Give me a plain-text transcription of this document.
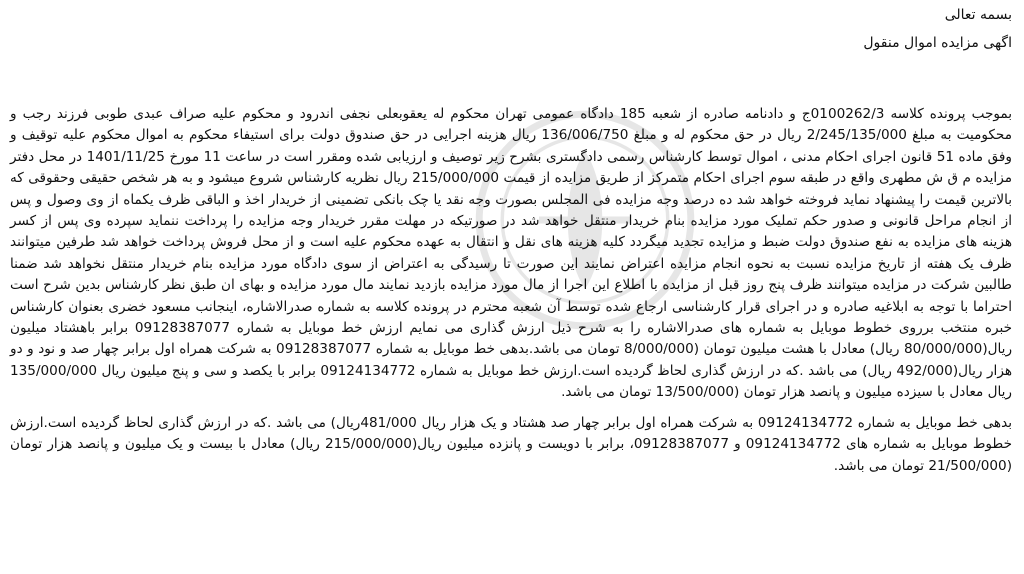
بسمه تعالی
اگهی مزایده اموال منقول

بموجب پرونده کلاسه 0100262/3ج و دادنامه صادره از شعبه 185 دادگاه عمومی تهران محکوم له یعقوبعلی نجفی اندرود و محکوم علیه صراف عبدی طوبی فرزند رجب و محکومیت به مبلغ 2/245/135/000 ریال در حق محکوم له و مبلغ 136/006/750 ریال هزینه اجرایی در حق صندوق دولت برای استیفاء محکوم به اموال محکوم علیه توقیف و وفق ماده 51 قانون اجرای احکام مدنی ، اموال توسط کارشناس رسمی دادگستری بشرح زیر توصیف و ارزیابی شده ومقرر است در ساعت 11 مورخ 1401/11/25 در محل دفتر مزایده م ق ش مطهری واقع در طبقه سوم اجرای احکام متمرکز از طریق مزایده از قیمت 215/000/000 ریال نظریه کارشناس شروع میشود و به هر شخص حقیقی وحقوقی که بالاترین قیمت را پیشنهاد نماید فروخته خواهد شد ده درصد وجه مزایده فی المجلس بصورت وجه نقد یا چک بانکی تضمینی از خریدار اخذ و الباقی ظرف یکماه از وی وصول و پس از انجام مراحل قانونی و صدور حکم تملیک مورد مزایده بنام خریدار منتقل خواهد شد در صورتیکه در مهلت مقرر خریدار وجه مزایده را پرداخت ننماید سپرده وی پس از کسر هزینه های مزایده به نفع صندوق دولت ضبط و مزایده تجدید میگردد کلیه هزینه های نقل و انتقال به عهده محکوم علیه است و از محل فروش پرداخت خواهد شد طرفین میتوانند ظرف یک هفته از تاریخ مزایده نسبت به نحوه انجام مزایده اعتراض نمایند این صورت تا رسیدگی به اعتراض از سوی دادگاه مورد مزایده بنام خریدار منتقل نخواهد شد ضمنا طالبین شرکت در مزایده میتوانند ظرف پنج روز قبل از مزایده با اطلاع این اجرا از مال مورد مزایده بازدید نمایند مال مورد مزایده و بهای ان طبق نظر کارشناس بدین شرح است احتراما با توجه به ابلاغیه صادره و در اجرای قرار کارشناسی ارجاع شده توسط آن شعبه محترم در پرونده کلاسه به شماره صدرالاشاره، اینجانب مسعود خضری بعنوان کارشناس خبره منتخب برروی خطوط موبایل به شماره های صدرالاشاره را به شرح ذیل ارزش گذاری می نمایم ارزش خط موبایل به شماره 09128387077 برابر باهشتاد میلیون ریال(80/000/000 ریال) معادل با هشت میلیون تومان (8/000/000 تومان می باشد.بدهی خط موبایل به شماره 09128387077 به شرکت همراه اول برابر چهار صد و نود و دو هزار ریال(492/000 ریال) می باشد .که در ارزش گذاری لحاظ گردیده است.ارزش خط موبایل به شماره 09124134772 برابر با یکصد و سی و پنج میلیون ریال 135/000/000 ریال معادل با سیزده میلیون و پانصد هزار تومان (13/500/000 تومان می باشد.

بدهی خط موبایل به شماره 09124134772 به شرکت همراه اول برابر چهار صد هشتاد و یک هزار ریال 481/000ریال) می باشد .که در ارزش گذاری لحاظ گردیده است.ارزش خطوط موبایل به شماره های 09124134772 و 09128387077، برابر با دویست و پانزده میلیون ریال(215/000/000 ریال) معادل با بیست و یک میلیون و پانصد هزار تومان (21/500/000 تومان می باشد.
